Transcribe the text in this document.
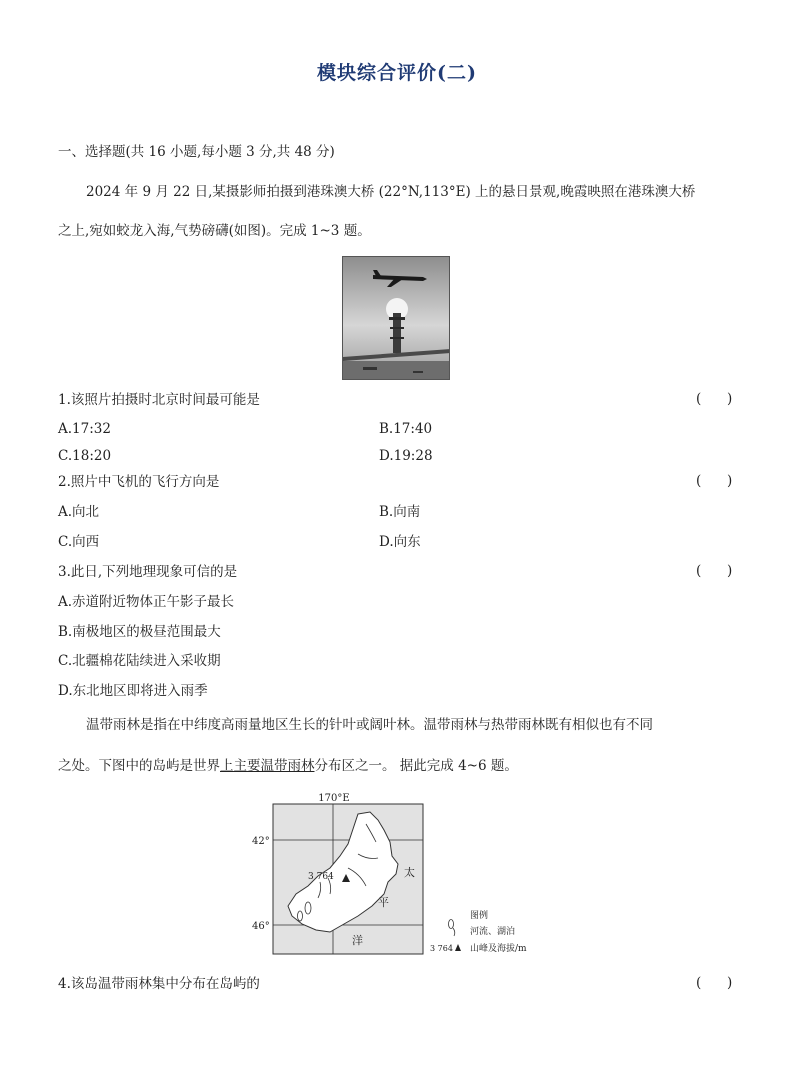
模块综合评价(二)
一、选择题(共 16 小题,每小题 3 分,共 48 分)
2024 年 9 月 22 日,某摄影师拍摄到港珠澳大桥 (22°N,113°E) 上的悬日景观,晚霞映照在港珠澳大桥
之上,宛如蛟龙入海,气势磅礴(如图)。完成 1~3 题。
1.该照片拍摄时北京时间最可能是	(      )
A.17:32	B.17:40
C.18:20	D.19:28
2.照片中飞机的飞行方向是	(      )
A.向北	B.向南
C.向西	D.向东
3.此日,下列地理现象可信的是	(      )
A.赤道附近物体正午影子最长
B.南极地区的极昼范围最大
C.北疆棉花陆续进入采收期
D.东北地区即将进入雨季
温带雨林是指在中纬度高雨量地区生长的针叶或阔叶林。温带雨林与热带雨林既有相似也有不同
之处。下图中的岛屿是世界上主要温带雨林分布区之一。 据此完成 4~6 题。
170°E
42°
46°
3 764	太
平
洋
图例
河流、湖泊
3 764 山峰及海拔/m
4.该岛温带雨林集中分布在岛屿的	(      )
